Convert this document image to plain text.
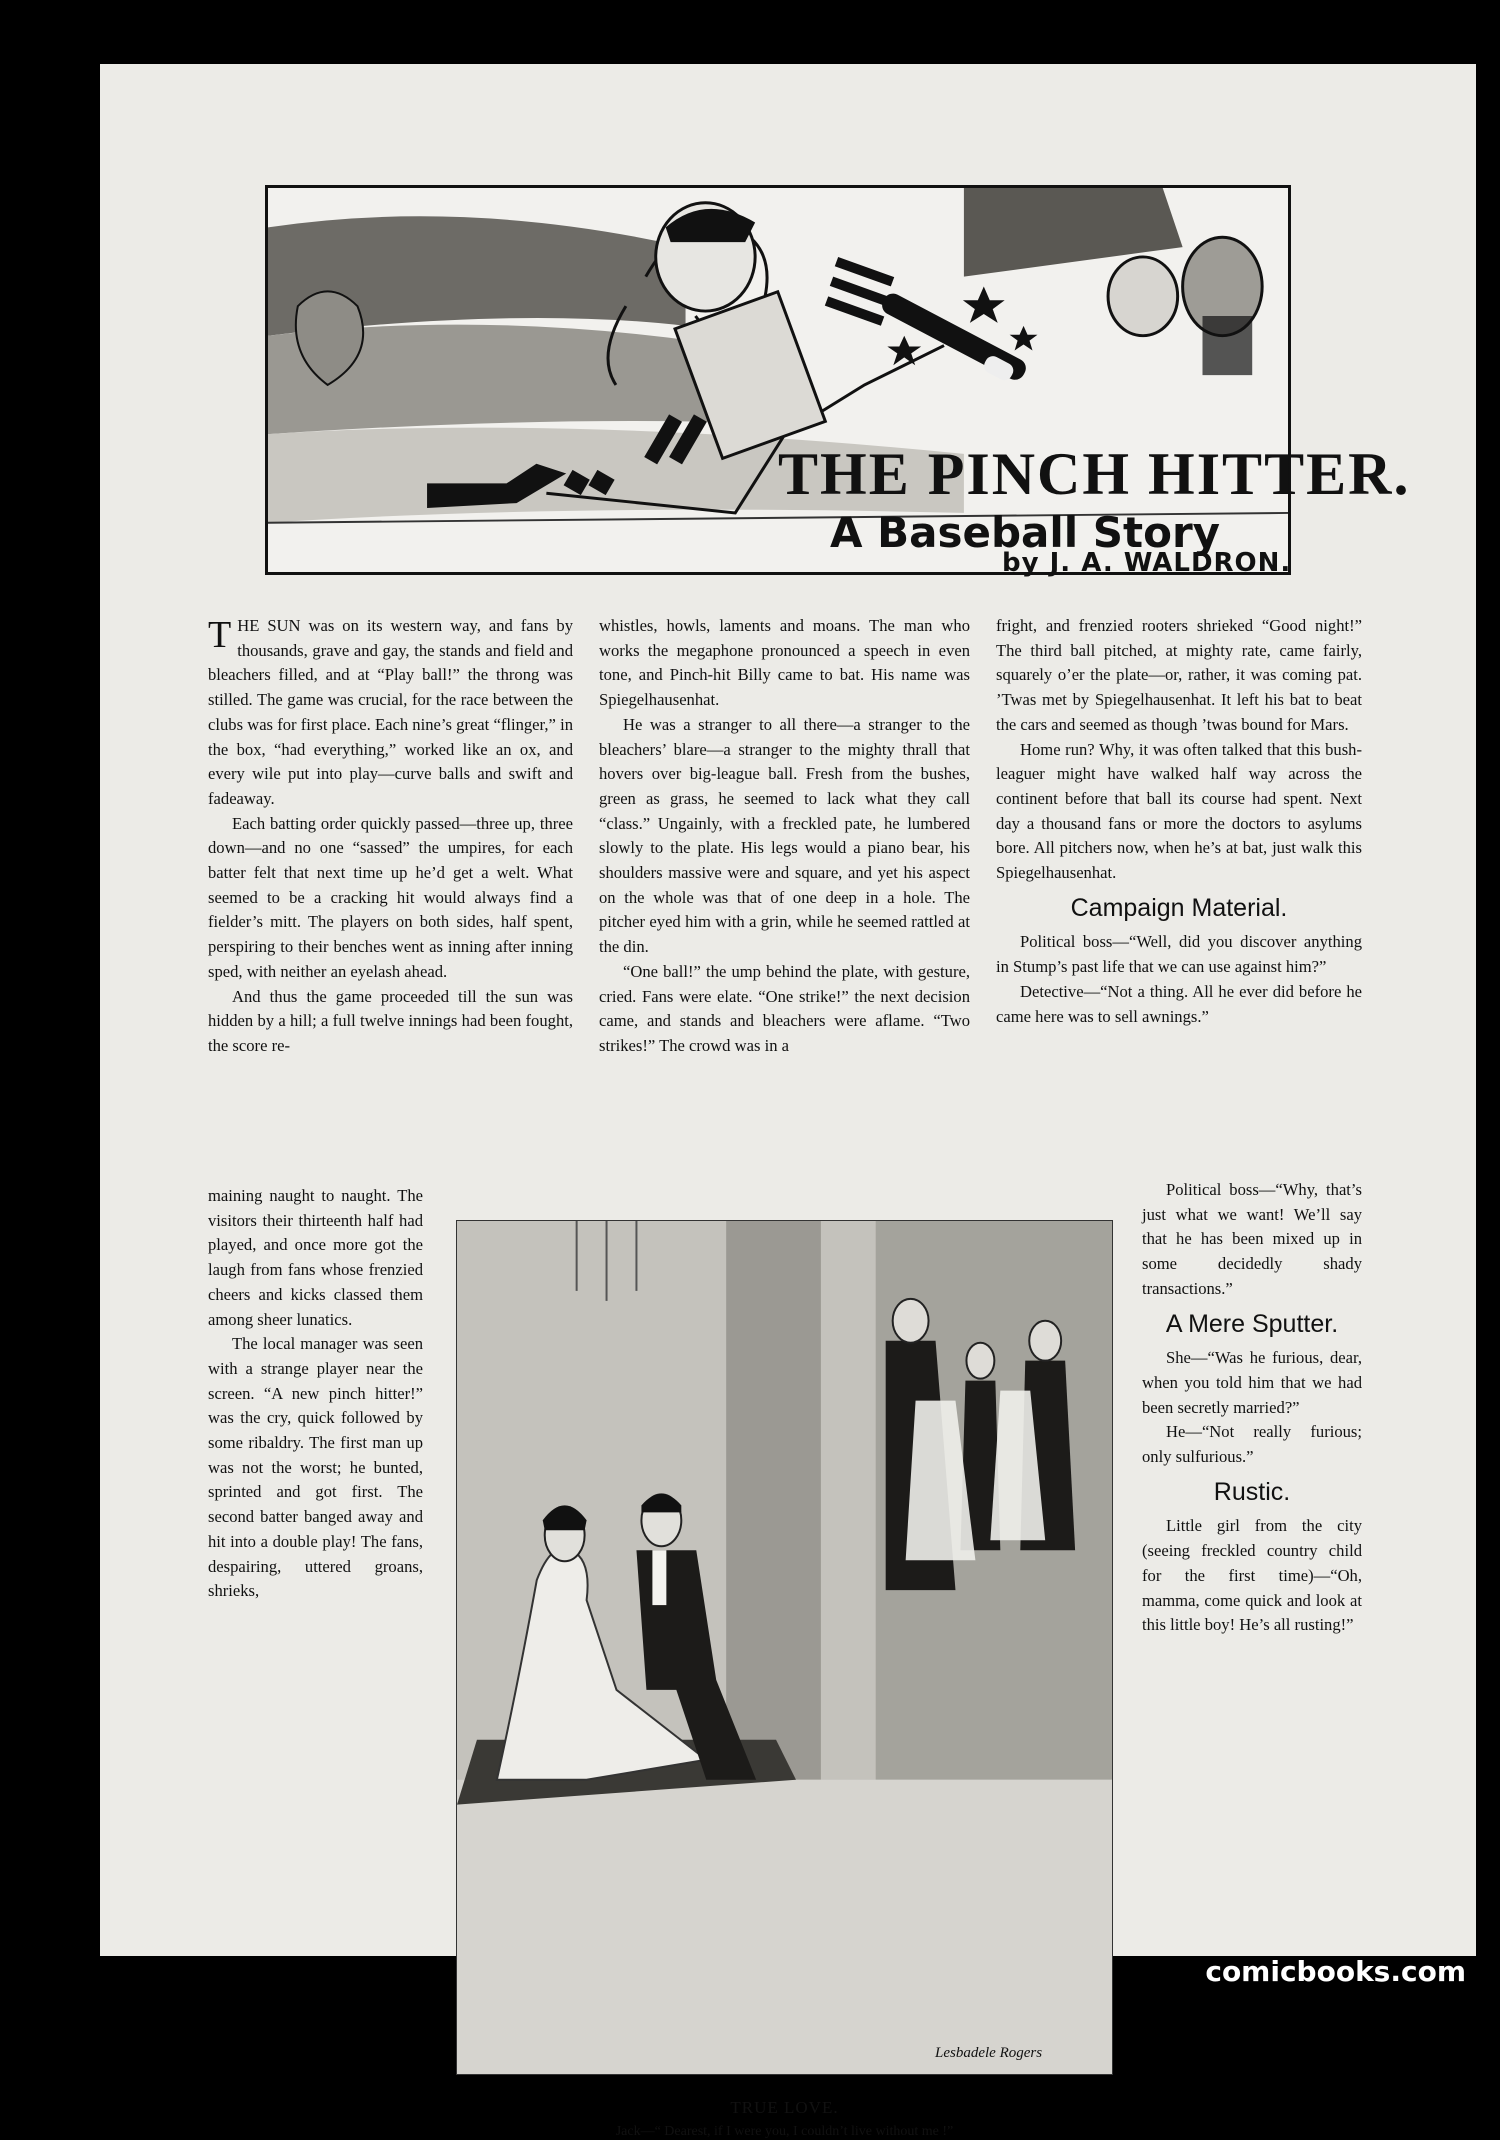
THE PINCH HITTER.
A Baseball Story
by J. A. WALDRON.

THE SUN was on its western way, and fans by thousands, grave and gay, the stands and field and bleachers filled, and at “Play ball!” the throng was stilled. The game was crucial, for the race between the clubs was for first place. Each nine’s great “flinger,” in the box, “had everything,” worked like an ox, and every wile put into play—curve balls and swift and fadeaway.

Each batting order quickly passed—three up, three down—and no one “sassed” the umpires, for each batter felt that next time up he’d get a welt. What seemed to be a cracking hit would always find a fielder’s mitt. The players on both sides, half spent, perspiring to their benches went as inning after inning sped, with neither an eyelash ahead.

And thus the game proceeded till the sun was hidden by a hill; a full twelve innings had been fought, the score re-

maining naught to naught. The visitors their thirteenth half had played, and once more got the laugh from fans whose frenzied cheers and kicks classed them among sheer lunatics.

The local manager was seen with a strange player near the screen. “A new pinch hitter!” was the cry, quick followed by some ribaldry. The first man up was not the worst; he bunted, sprinted and got first. The second batter banged away and hit into a double play! The fans, despairing, uttered groans, shrieks,

whistles, howls, laments and moans. The man who works the megaphone pronounced a speech in even tone, and Pinch-hit Billy came to bat. His name was Spiegelhausenhat.

He was a stranger to all there—a stranger to the bleachers’ blare—a stranger to the mighty thrall that hovers over big-league ball. Fresh from the bushes, green as grass, he seemed to lack what they call “class.” Ungainly, with a freckled pate, he lumbered slowly to the plate. His legs would a piano bear, his shoulders massive were and square, and yet his aspect on the whole was that of one deep in a hole. The pitcher eyed him with a grin, while he seemed rattled at the din.

“One ball!” the ump behind the plate, with gesture, cried. Fans were elate. “One strike!” the next decision came, and stands and bleachers were aflame. “Two strikes!” The crowd was in a

fright, and frenzied rooters shrieked “Good night!” The third ball pitched, at mighty rate, came fairly, squarely o’er the plate—or, rather, it was coming pat. ’Twas met by Spiegelhausenhat. It left his bat to beat the cars and seemed as though ’twas bound for Mars.

Home run? Why, it was often talked that this bush-leaguer might have walked half way across the continent before that ball its course had spent. Next day a thousand fans or more the doctors to asylums bore. All pitchers now, when he’s at bat, just walk this Spiegelhausenhat.

Campaign Material.

Political boss—“Well, did you discover anything in Stump’s past life that we can use against him?”

Detective—“Not a thing. All he ever did before he came here was to sell awnings.”

Political boss—“Why, that’s just what we want! We’ll say that he has been mixed up in some decidedly shady transactions.”

A Mere Sputter.

She—“Was he furious, dear, when you told him that we had been secretly married?”

He—“Not really furious; only sulfurious.”

Rustic.

Little girl from the city (seeing freckled country child for the first time)—“Oh, mamma, come quick and look at this little boy! He’s all rusting!”

Lesbadele Rogers
TRUE LOVE.
Jack—“ Dearest, if I were you, I couldn’t live without me !”
comicbooks.com
